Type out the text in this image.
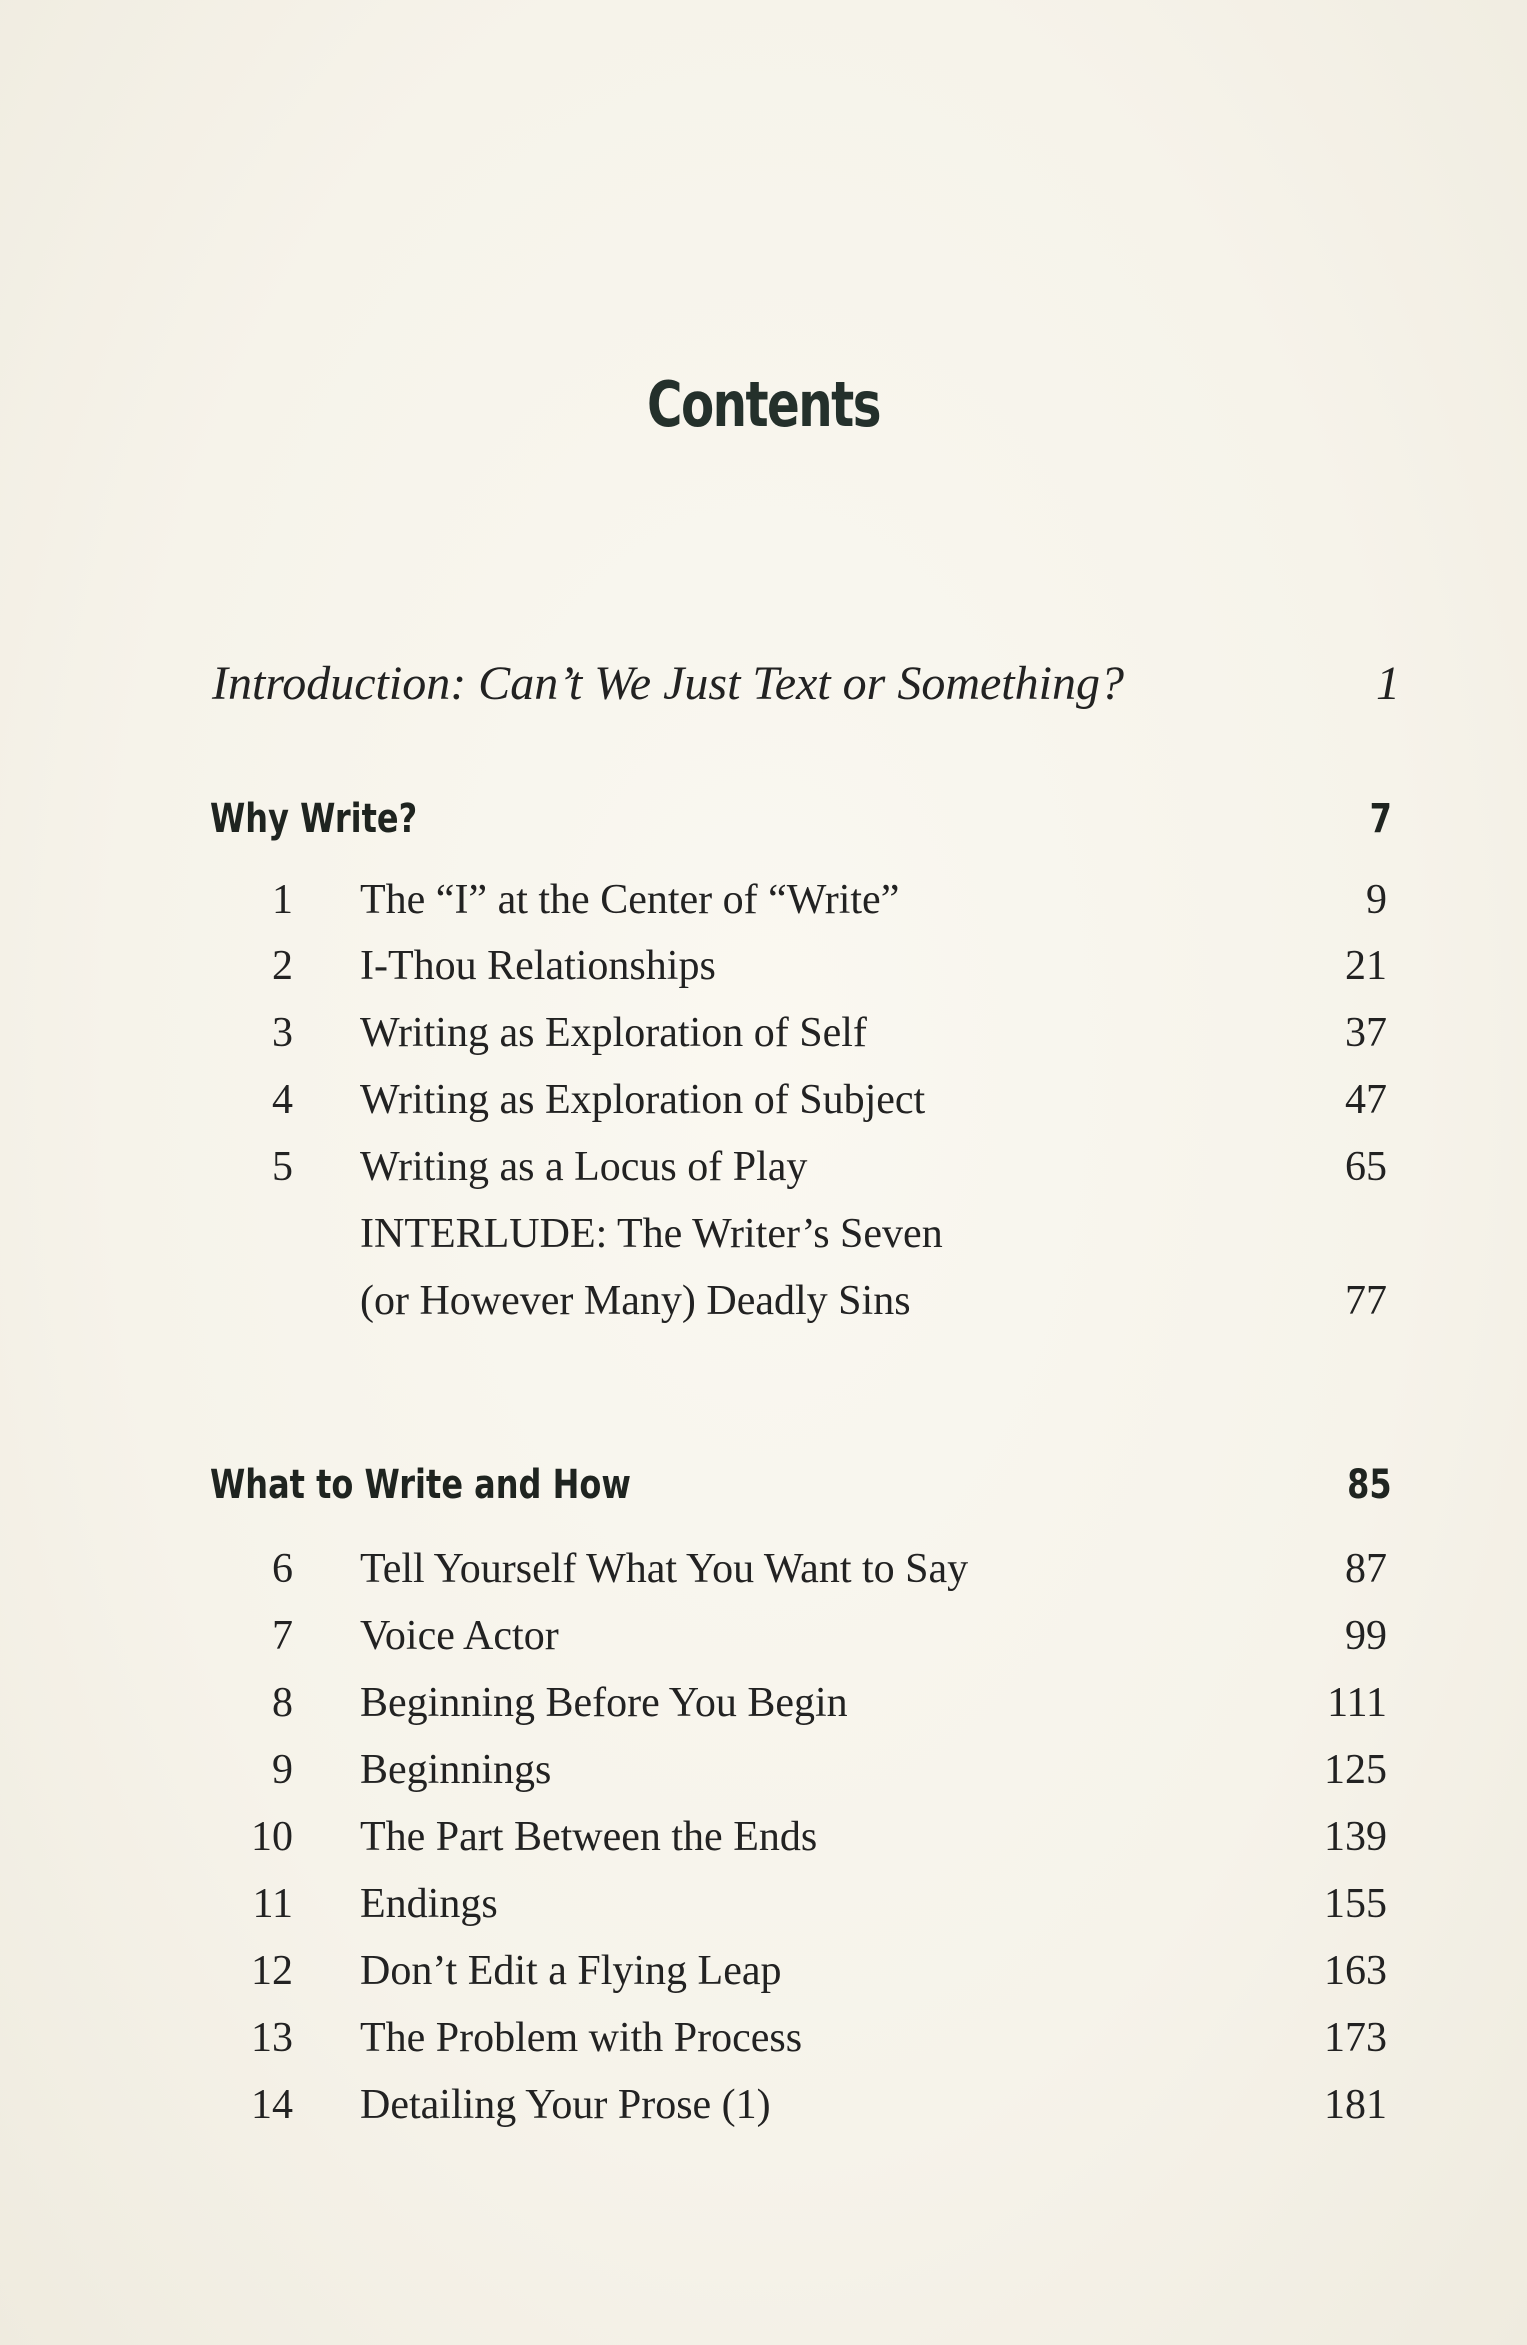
Contents
Introduction: Can’t We Just Text or Something?	1
Why Write?	7
1 The “I” at the Center of “Write”	9
2 I-Thou Relationships	21
3 Writing as Exploration of Self	37
4 Writing as Exploration of Subject	47
5 Writing as a Locus of Play	65
INTERLUDE: The Writer’s Seven
(or However Many) Deadly Sins	77
What to Write and How	85
6 Tell Yourself What You Want to Say	87
7 Voice Actor	99
8 Beginning Before You Begin	111
9 Beginnings	125
10 The Part Between the Ends	139
11 Endings	155
12 Don’t Edit a Flying Leap	163
13 The Problem with Process	173
14 Detailing Your Prose (1)	181
